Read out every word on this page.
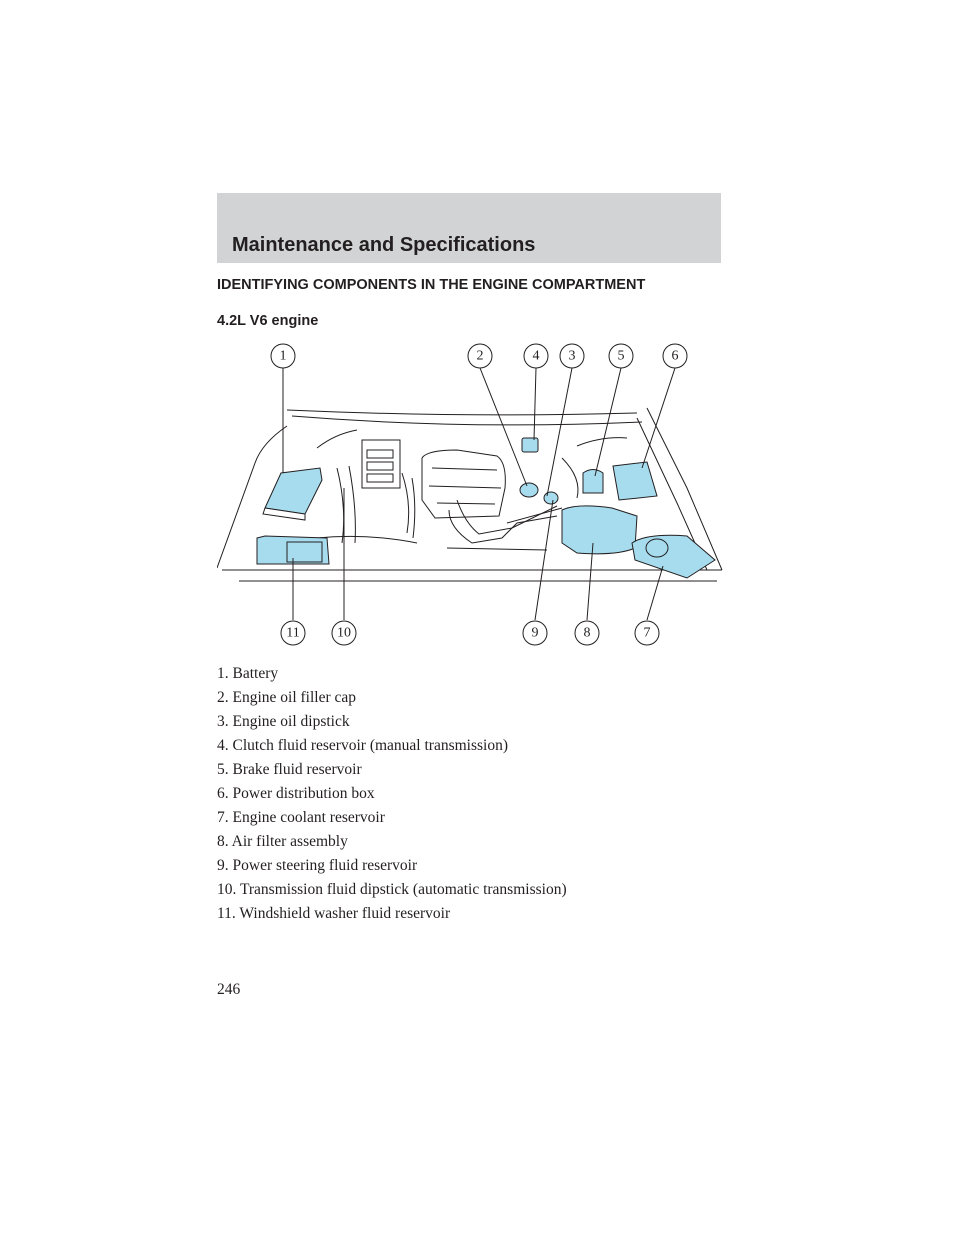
Maintenance and Specifications
IDENTIFYING COMPONENTS IN THE ENGINE COMPARTMENT
4.2L V6 engine
1	2	4 3	5	6
11	10	9	8	7
1. Battery
2. Engine oil filler cap
3. Engine oil dipstick
4. Clutch fluid reservoir (manual transmission)
5. Brake fluid reservoir
6. Power distribution box
7. Engine coolant reservoir
8. Air filter assembly
9. Power steering fluid reservoir
10. Transmission fluid dipstick (automatic transmission)
11. Windshield washer fluid reservoir
246
